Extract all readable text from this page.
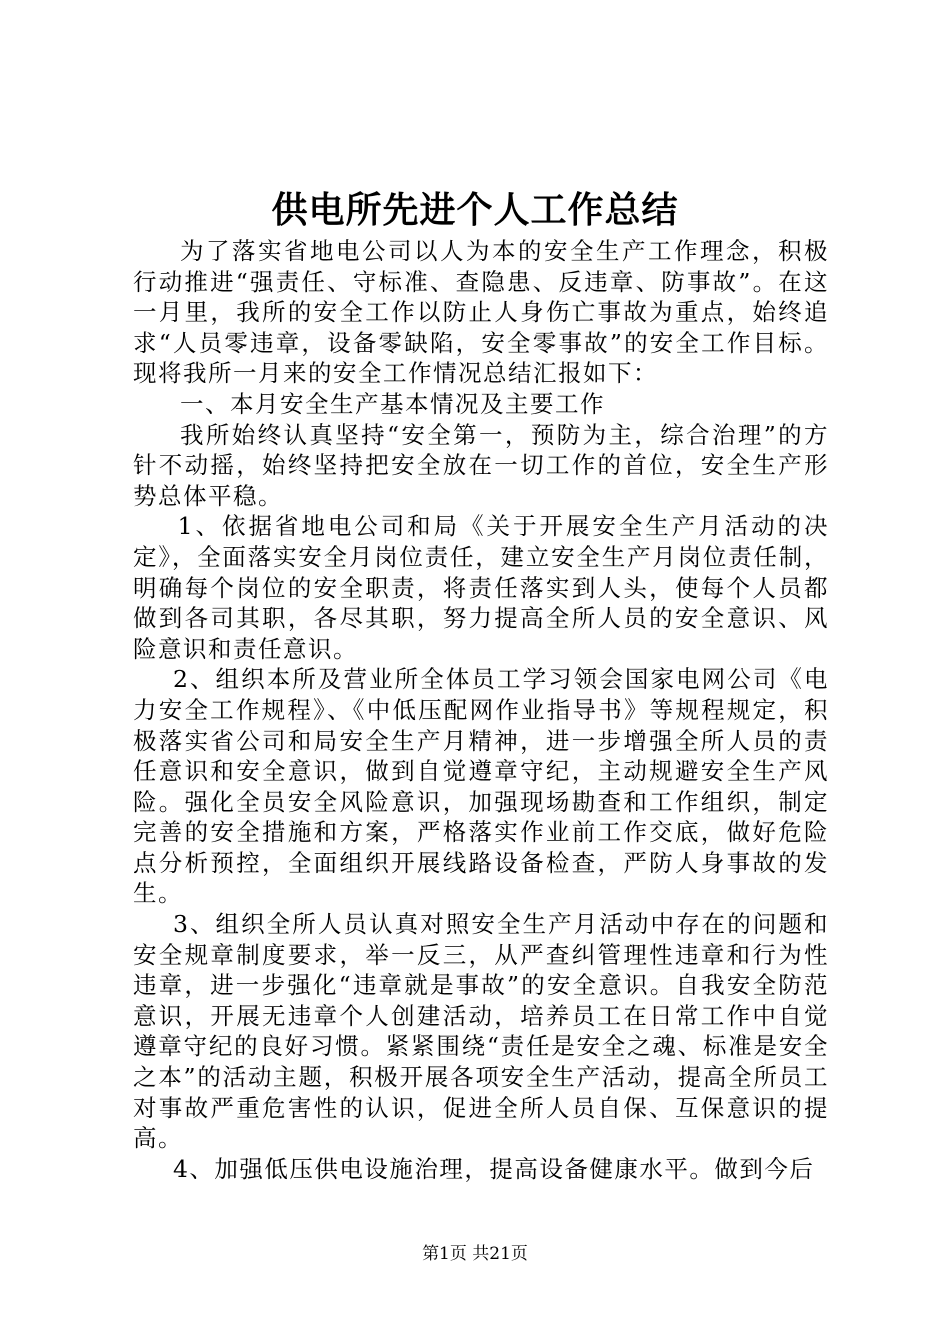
供电所先进个人工作总结

为了落实省地电公司以人为本的安全生产工作理念，积极行动推进“强责任、守标准、查隐患、反违章、防事故”。在这一月里，我所的安全工作以防止人身伤亡事故为重点，始终追求“人员零违章，设备零缺陷，安全零事故”的安全工作目标。现将我所一月来的安全工作情况总结汇报如下：

一、本月安全生产基本情况及主要工作

我所始终认真坚持“安全第一，预防为主，综合治理”的方针不动摇，始终坚持把安全放在一切工作的首位，安全生产形势总体平稳。

1、依据省地电公司和局《关于开展安全生产月活动的决定》，全面落实安全月岗位责任，建立安全生产月岗位责任制，明确每个岗位的安全职责，将责任落实到人头，使每个人员都做到各司其职，各尽其职，努力提高全所人员的安全意识、风险意识和责任意识。

2、组织本所及营业所全体员工学习领会国家电网公司《电力安全工作规程》、《中低压配网作业指导书》等规程规定，积极落实省公司和局安全生产月精神，进一步增强全所人员的责任意识和安全意识，做到自觉遵章守纪，主动规避安全生产风险。强化全员安全风险意识，加强现场勘查和工作组织，制定完善的安全措施和方案，严格落实作业前工作交底，做好危险点分析预控，全面组织开展线路设备检查，严防人身事故的发生。

3、组织全所人员认真对照安全生产月活动中存在的问题和安全规章制度要求，举一反三，从严查纠管理性违章和行为性违章，进一步强化“违章就是事故”的安全意识。自我安全防范意识，开展无违章个人创建活动，培养员工在日常工作中自觉遵章守纪的良好习惯。紧紧围绕“责任是安全之魂、标准是安全之本”的活动主题，积极开展各项安全生产活动，提高全所员工对事故严重危害性的认识，促进全所人员自保、互保意识的提高。

4、加强低压供电设施治理，提高设备健康水平。做到今后

第1页 共21页
